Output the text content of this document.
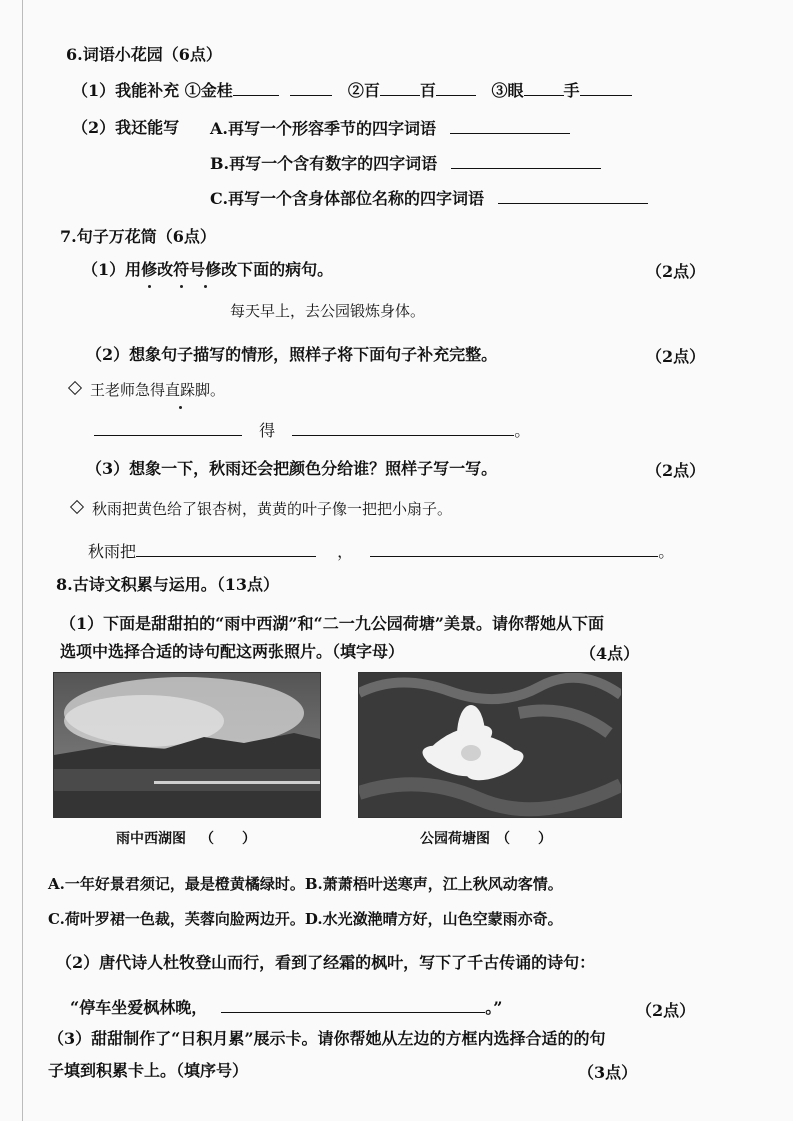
6.词语小花园（6点）
（1）我能补充 ①金桂	②百	百	③眼	手
（2）我还能写 A.再写一个形容季节的四字词语
B.再写一个含有数字的四字词语
C.再写一个含身体部位名称的四字词语
7.句子万花筒（6点）
（1）用修改符号修改下面的病句。	（2点）
每天早上，去公园锻炼身体。
（2）想象句子描写的情形，照样子将下面句子补充完整。	（2点）
王老师急得直跺脚。
得	。
（3）想象一下，秋雨还会把颜色分给谁？照样子写一写。	（2点）
秋雨把黄色给了银杏树，黄黄的叶子像一把把小扇子。
秋雨把	，	。
8.古诗文积累与运用。（13点）
（1）下面是甜甜拍的“雨中西湖”和“二一九公园荷塘”美景。请你帮她从下面
选项中选择合适的诗句配这两张照片。（填字母）	（4点）
雨中西湖图 （　　）	公园荷塘图 （　　）
A.一年好景君须记，最是橙黄橘绿时。B.萧萧梧叶送寒声，江上秋风动客情。
C.荷叶罗裙一色裁，芙蓉向脸两边开。D.水光潋滟晴方好，山色空蒙雨亦奇。
（2）唐代诗人杜牧登山而行，看到了经霜的枫叶，写下了千古传诵的诗句：
“停车坐爱枫林晚，	。”	（2点）
（3）甜甜制作了“日积月累”展示卡。请你帮她从左边的方框内选择合适的的句
子填到积累卡上。（填序号）	（3点）
